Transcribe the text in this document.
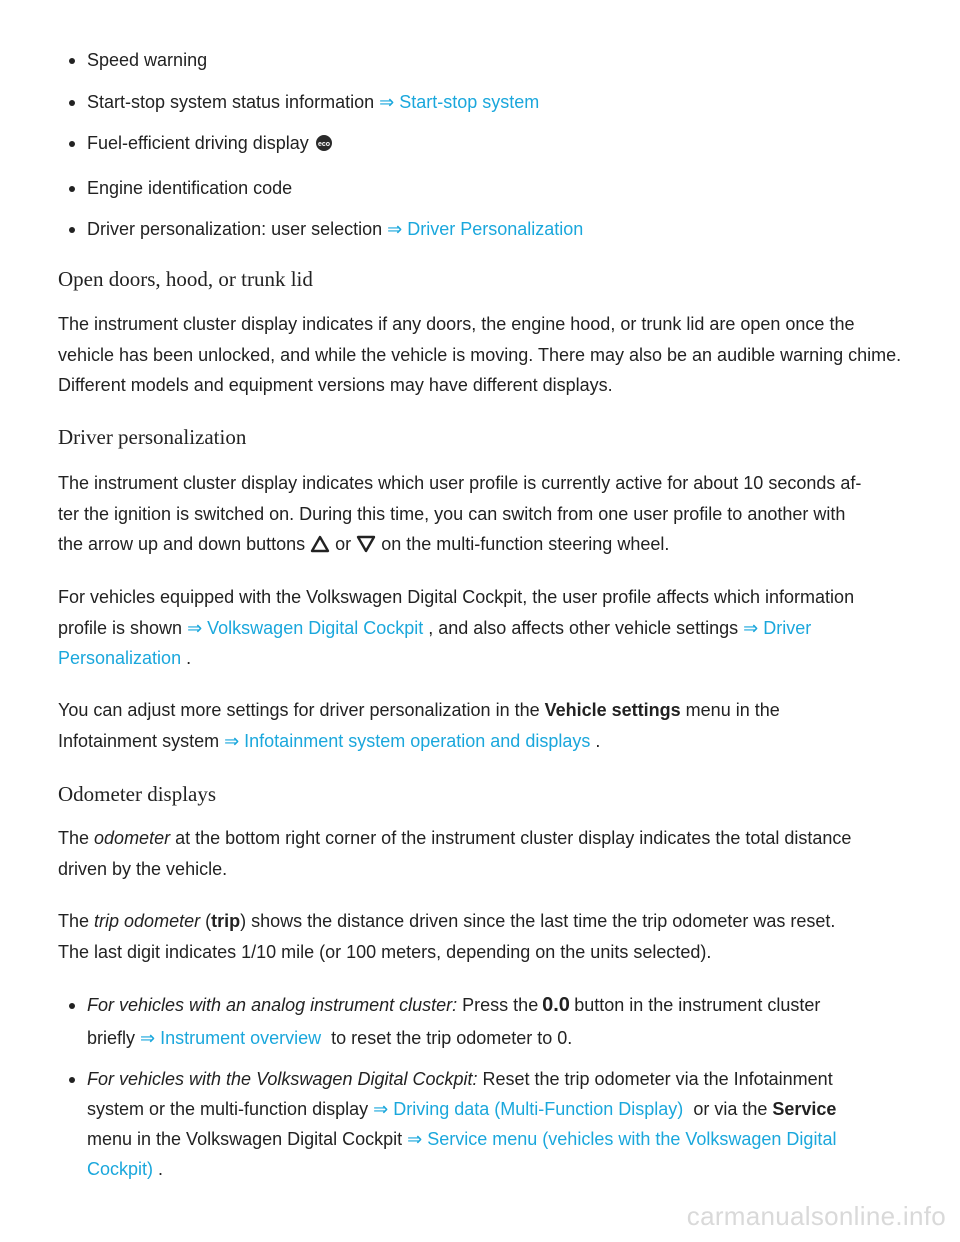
Speed warning
Start-stop system status information ⇒ Start-stop system
Fuel-efficient driving display eco
Engine identification code
Driver personalization: user selection ⇒ Driver Personalization
Open doors, hood, or trunk lid

The instrument cluster display indicates if any doors, the engine hood, or trunk lid are open once the vehicle has been unlocked, and while the vehicle is moving. There may also be an audible warning chime. Different models and equipment versions may have different displays.

Driver personalization
The instrument cluster display indicates which user profile is currently active for about 10 seconds af-
ter the ignition is switched on. During this time, you can switch from one user profile to another with
the arrow up and down buttons  or  on the multi-function steering wheel.
For vehicles equipped with the Volkswagen Digital Cockpit, the user profile affects which information
profile is shown ⇒ Volkswagen Digital Cockpit , and also affects other vehicle settings ⇒ Driver
Personalization .
You can adjust more settings for driver personalization in the Vehicle settings menu in the
Infotainment system ⇒ Infotainment system operation and displays .
Odometer displays
The odometer at the bottom right corner of the instrument cluster display indicates the total distance
driven by the vehicle.
The trip odometer (trip) shows the distance driven since the last time the trip odometer was reset.
The last digit indicates 1/10 mile (or 100 meters, depending on the units selected).
For vehicles with an analog instrument cluster: Press the 0.0 button in the instrument cluster
briefly ⇒ Instrument overview  to reset the trip odometer to 0.
For vehicles with the Volkswagen Digital Cockpit: Reset the trip odometer via the Infotainment
system or the multi-function display ⇒ Driving data (Multi-Function Display)  or via the Service
menu in the Volkswagen Digital Cockpit ⇒ Service menu (vehicles with the Volkswagen Digital
Cockpit) .
carmanualsonline.info
